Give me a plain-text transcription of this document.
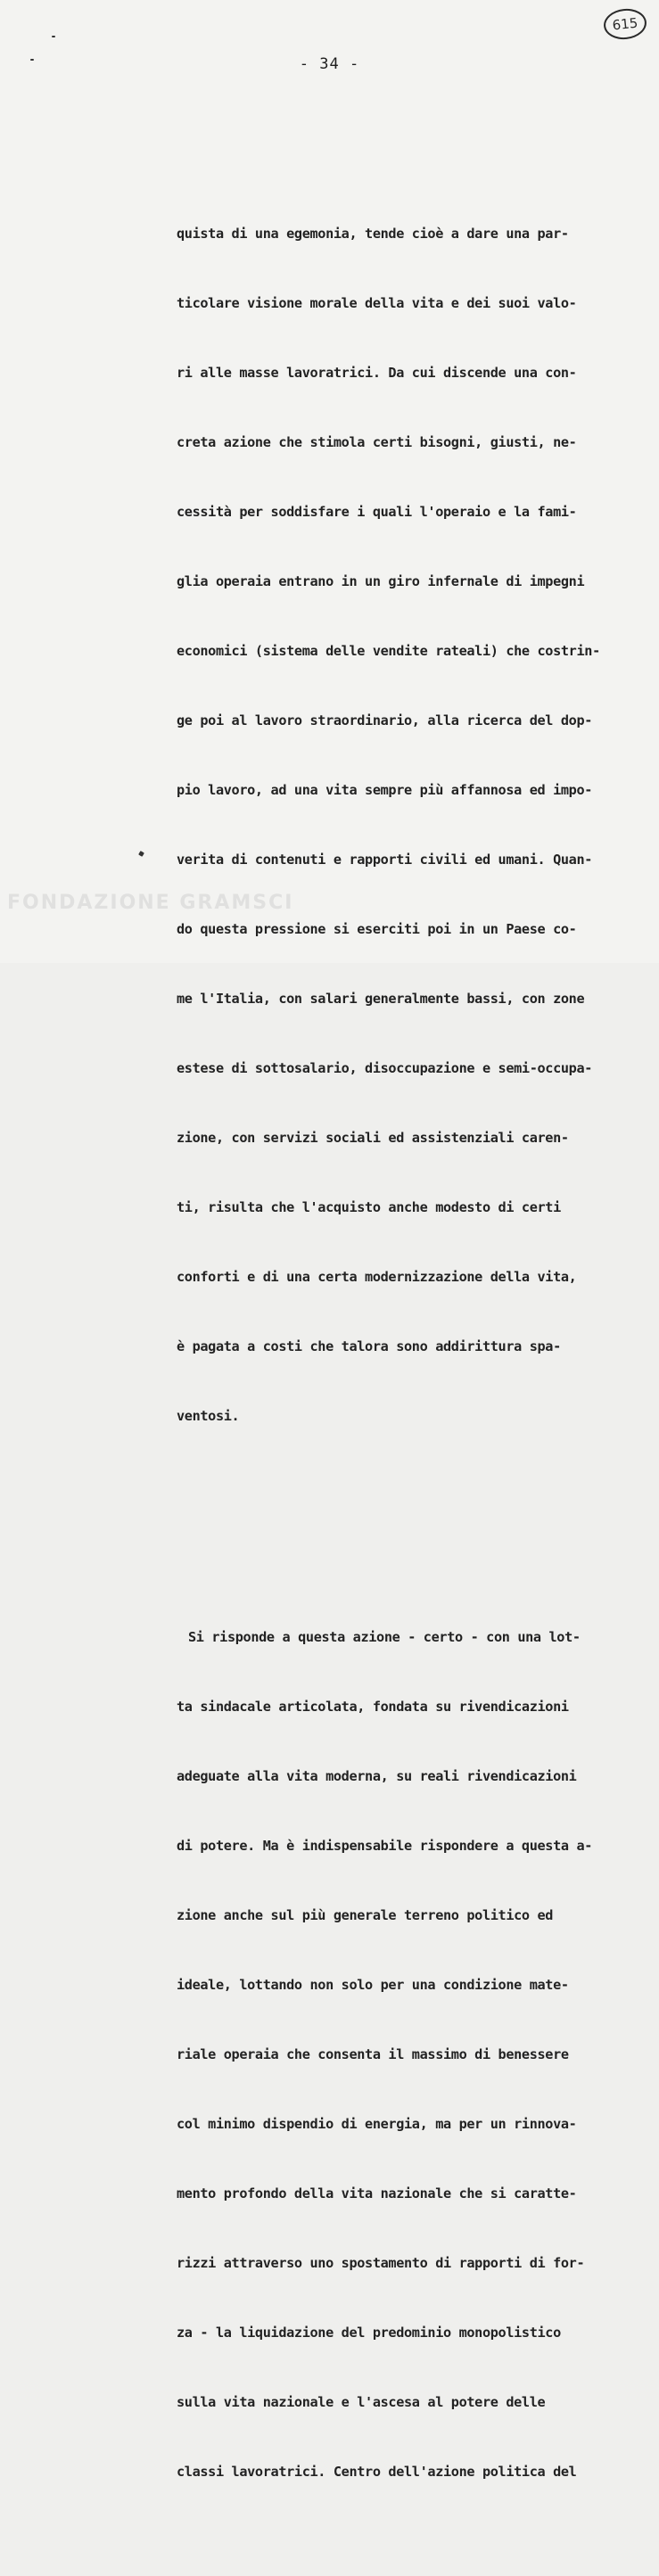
615
- 34 -

quista di una egemonia, tende cioè a dare una par-

ticolare visione morale della vita e dei suoi valo-

ri alle masse lavoratrici. Da cui discende una con-

creta azione che stimola certi bisogni, giusti, ne-

cessità per soddisfare i quali l'operaio e la fami-

glia operaia entrano in un giro infernale di impegni

economici (sistema delle vendite rateali) che costrin-

ge poi al lavoro straordinario, alla ricerca del dop-

pio lavoro, ad una vita sempre più affannosa ed impo-

verita di contenuti e rapporti civili ed umani. Quan-

do questa pressione si eserciti poi in un Paese co-

me l'Italia, con salari generalmente bassi, con zone

estese di sottosalario, disoccupazione e semi-occupa-

zione, con servizi sociali ed assistenziali caren-

ti, risulta che l'acquisto anche modesto di certi

conforti e di una certa modernizzazione della vita,

è pagata a costi che talora sono addirittura spa-

ventosi.

Si risponde a questa azione - certo - con una lot-

ta sindacale articolata, fondata su rivendicazioni

adeguate alla vita moderna, su reali rivendicazioni

di potere. Ma è indispensabile rispondere a questa a-

zione anche sul più generale terreno politico ed

ideale, lottando non solo per una condizione mate-

riale operaia che consenta il massimo di benessere

col minimo dispendio di energia, ma per un rinnova-

mento profondo della vita nazionale che si caratte-

rizzi attraverso uno spostamento di rapporti di for-

za - la liquidazione del predominio monopolistico

sulla vita nazionale e l'ascesa al potere delle

classi lavoratrici. Centro dell'azione politica del

FONDAZIONE GRAMSCI
